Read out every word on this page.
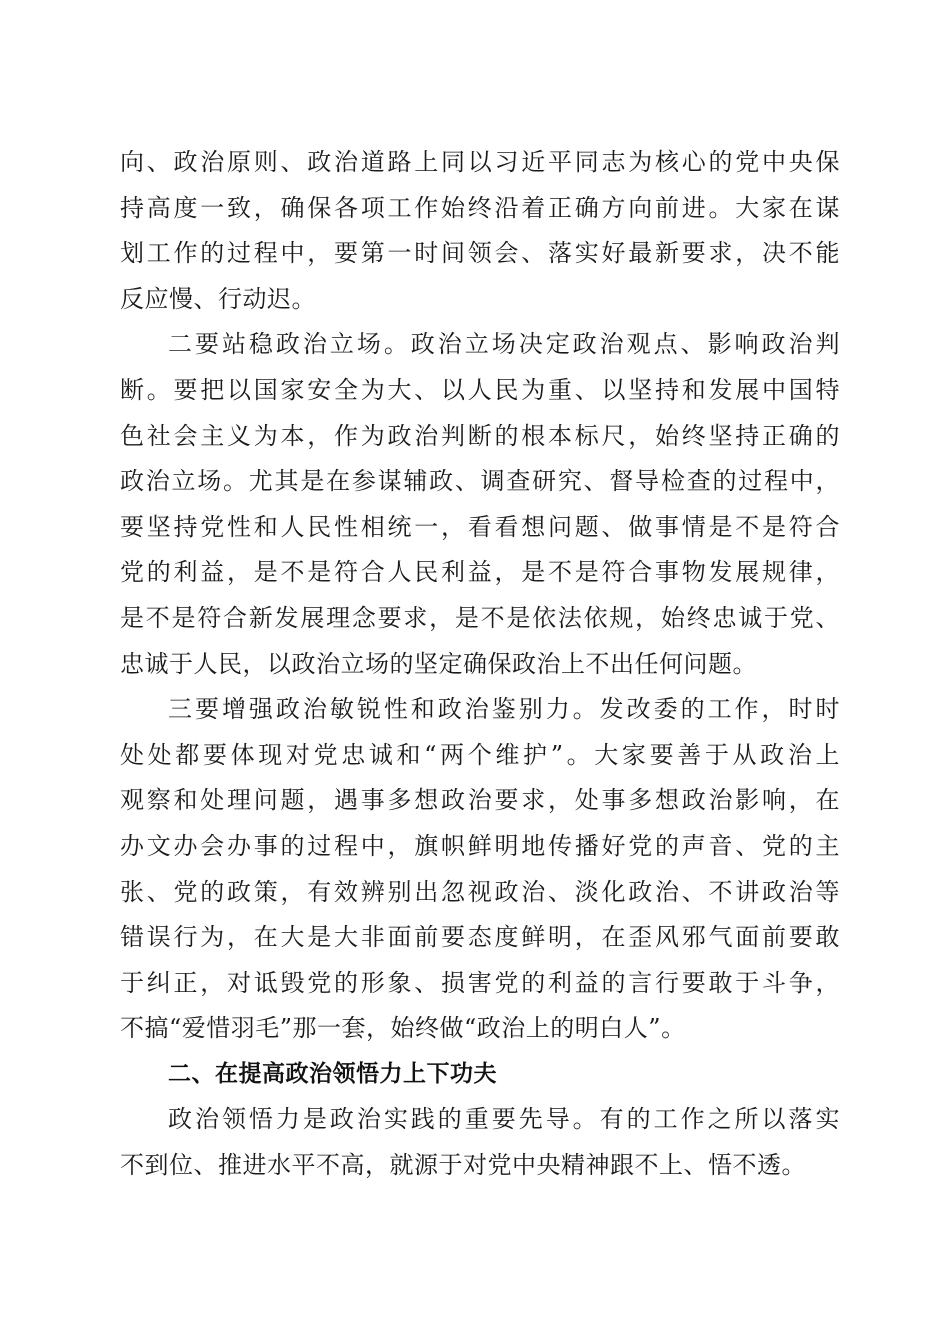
向、政治原则、政治道路上同以习近平同志为核心的党中央保
持高度一致，确保各项工作始终沿着正确方向前进。大家在谋
划工作的过程中，要第一时间领会、落实好最新要求，决不能
反应慢、行动迟。
二要站稳政治立场。政治立场决定政治观点、影响政治判
断。要把以国家安全为大、以人民为重、以坚持和发展中国特
色社会主义为本，作为政治判断的根本标尺，始终坚持正确的
政治立场。尤其是在参谋辅政、调查研究、督导检查的过程中，
要坚持党性和人民性相统一，看看想问题、做事情是不是符合
党的利益，是不是符合人民利益，是不是符合事物发展规律，
是不是符合新发展理念要求，是不是依法依规，始终忠诚于党、
忠诚于人民，以政治立场的坚定确保政治上不出任何问题。
三要增强政治敏锐性和政治鉴别力。发改委的工作，时时
处处都要体现对党忠诚和“两个维护”。大家要善于从政治上
观察和处理问题，遇事多想政治要求，处事多想政治影响，在
办文办会办事的过程中，旗帜鲜明地传播好党的声音、党的主
张、党的政策，有效辨别出忽视政治、淡化政治、不讲政治等
错误行为，在大是大非面前要态度鲜明，在歪风邪气面前要敢
于纠正，对诋毁党的形象、损害党的利益的言行要敢于斗争，
不搞“爱惜羽毛”那一套，始终做“政治上的明白人”。
二、在提高政治领悟力上下功夫
政治领悟力是政治实践的重要先导。有的工作之所以落实
不到位、推进水平不高，就源于对党中央精神跟不上、悟不透。
